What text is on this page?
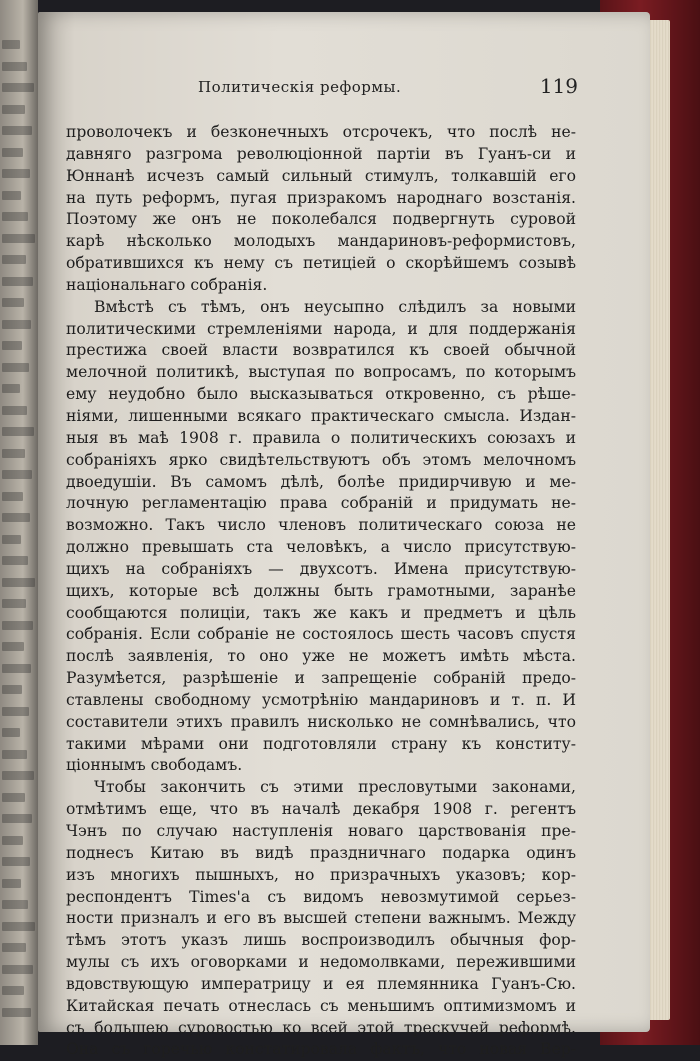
Политическія реформы.	119
проволочекъ и безконечныхъ отсрочекъ, что послѣ не-
давняго разгрома революціонной партіи въ Гуанъ-си и
Юннанѣ исчезъ самый сильный стимулъ, толкавшій его
на путь реформъ, пугая призракомъ народнаго возстанія.
Поэтому же онъ не поколебался подвергнуть суровой
карѣ нѣсколько молодыхъ мандариновъ-реформистовъ,
обратившихся къ нему съ петиціей о скорѣйшемъ созывѣ
національнаго собранія.
Вмѣстѣ съ тѣмъ, онъ неусыпно слѣдилъ за новыми
политическими стремленіями народа, и для поддержанія
престижа своей власти возвратился къ своей обычной
мелочной политикѣ, выступая по вопросамъ, по которымъ
ему неудобно было высказываться откровенно, съ рѣше-
ніями, лишенными всякаго практическаго смысла. Издан-
ныя въ маѣ 1908 г. правила о политическихъ союзахъ и
собраніяхъ ярко свидѣтельствуютъ объ этомъ мелочномъ
двоедушіи. Въ самомъ дѣлѣ, болѣе придирчивую и ме-
лочную регламентацію права собраній и придумать не-
возможно. Такъ число членовъ политическаго союза не
должно превышать ста человѣкъ, а число присутствую-
щихъ на собраніяхъ — двухсотъ. Имена присутствую-
щихъ, которые всѣ должны быть грамотными, заранѣе
сообщаются полиціи, такъ же какъ и предметъ и цѣль
собранія. Если собраніе не состоялось шесть часовъ спустя
послѣ заявленія, то оно уже не можетъ имѣть мѣста.
Разумѣется, разрѣшеніе и запрещеніе собраній предо-
ставлены свободному усмотрѣнію мандариновъ и т. п. И
составители этихъ правилъ нисколько не сомнѣвались, что
такими мѣрами они подготовляли страну къ конститу-
ціоннымъ свободамъ.
Чтобы закончить съ этими пресловутыми законами,
отмѣтимъ еще, что въ началѣ декабря 1908 г. регентъ
Чэнъ по случаю наступленія новаго царствованія пре-
поднесъ Китаю въ видѣ праздничнаго подарка одинъ
изъ многихъ пышныхъ, но призрачныхъ указовъ; кор-
респондентъ Times'a съ видомъ невозмутимой серьез-
ности призналъ и его въ высшей степени важнымъ. Между
тѣмъ этотъ указъ лишь воспроизводилъ обычныя фор-
мулы съ ихъ оговорками и недомолвками, пережившими
вдовствующую императрицу и ея племянника Гуанъ-Сю.
Китайская печать отнеслась съ меньшимъ оптимизмомъ и
съ большею суровостью ко всей этой трескучей реформѣ.
Она съ горечью констатировала фактъ, что новая Вер-
